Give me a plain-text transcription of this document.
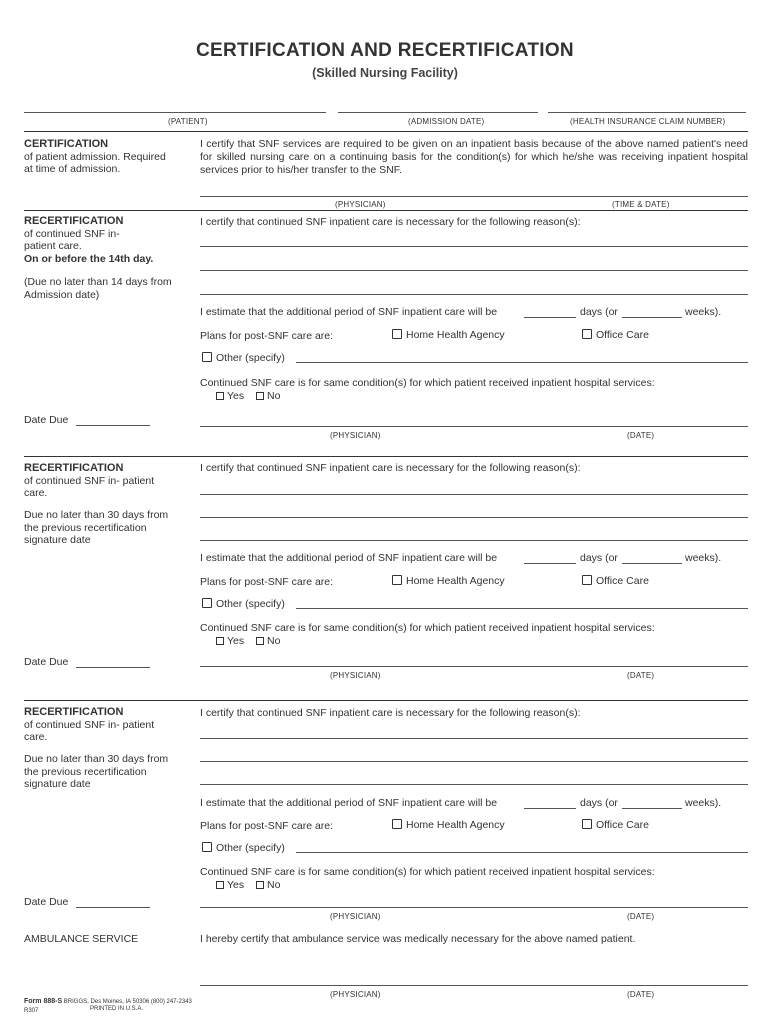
CERTIFICATION AND RECERTIFICATION
(Skilled Nursing Facility)
(PATIENT)	(ADMISSION DATE)	(HEALTH INSURANCE CLAIM NUMBER)
CERTIFICATION
of patient admission. Required at time of admission.
I certify that SNF services are required to be given on an inpatient basis because of the above named patient's need for skilled nursing care on a continuing basis for the condition(s) for which he/she was receiving inpatient hospital services prior to his/her transfer to the SNF.
(PHYSICIAN)	(TIME & DATE)
RECERTIFICATION
of continued SNF in-
patient care.
On or before the 14th day.
(Due no later than 14 days from Admission date)
Date Due
I certify that continued SNF inpatient care is necessary for the following reason(s):
I estimate that the additional period of SNF inpatient care will be	days (or	weeks).
Plans for post-SNF care are:	Home Health Agency	Office Care
Other (specify)
Continued SNF care is for same condition(s) for which patient received inpatient hospital services:
Yes	No
(PHYSICIAN)	(DATE)
RECERTIFICATION
of continued SNF in- patient care.
Due no later than 30 days from the previous recertification signature date
Date Due
I certify that continued SNF inpatient care is necessary for the following reason(s):
I estimate that the additional period of SNF inpatient care will be	days (or	weeks).
Plans for post-SNF care are:	Home Health Agency	Office Care
Other (specify)
Continued SNF care is for same condition(s) for which patient received inpatient hospital services:
Yes	No
(PHYSICIAN)	(DATE)
RECERTIFICATION
of continued SNF in- patient care.
Due no later than 30 days from the previous recertification signature date
Date Due
I certify that continued SNF inpatient care is necessary for the following reason(s):
I estimate that the additional period of SNF inpatient care will be	days (or	weeks).
Plans for post-SNF care are:	Home Health Agency	Office Care
Other (specify)
Continued SNF care is for same condition(s) for which patient received inpatient hospital services:
Yes	No
(PHYSICIAN)	(DATE)
AMBULANCE SERVICE	I hereby certify that ambulance service was medically necessary for the above named patient.
(PHYSICIAN)	(DATE)
Form 888-S BRIGGS, Des Moines, IA 50306 (800) 247-2343
R307	PRINTED IN U.S.A.
